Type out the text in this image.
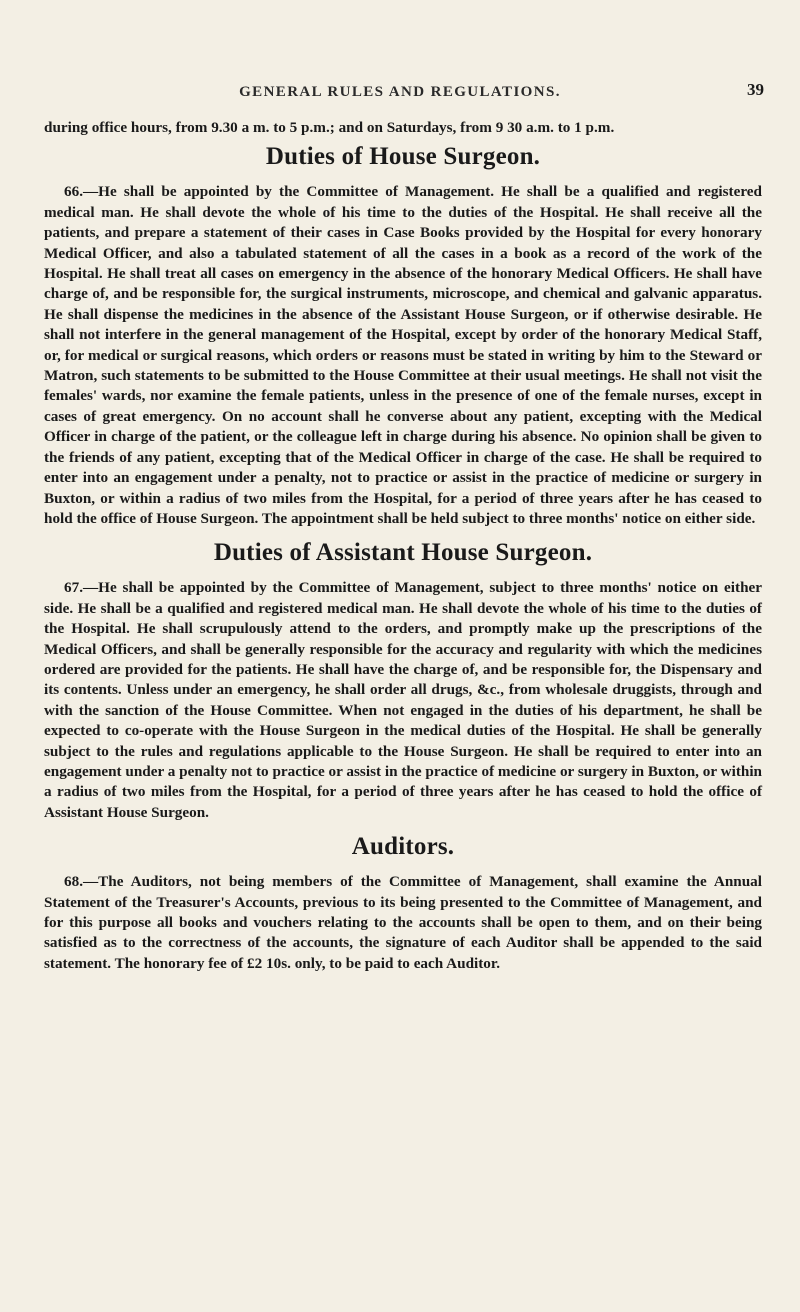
GENERAL RULES AND REGULATIONS.	39

during office hours, from 9.30 a m. to 5 p.m.; and on Saturdays, from 9 30 a.m. to 1 p.m.

Duties of House Surgeon.

66.—He shall be appointed by the Committee of Management. He shall be a qualified and registered medical man. He shall devote the whole of his time to the duties of the Hospital. He shall receive all the patients, and prepare a statement of their cases in Case Books provided by the Hospital for every honorary Medical Officer, and also a tabulated statement of all the cases in a book as a record of the work of the Hospital. He shall treat all cases on emergency in the absence of the honorary Medical Officers. He shall have charge of, and be responsible for, the surgical instruments, microscope, and chemical and galvanic apparatus. He shall dispense the medicines in the absence of the Assistant House Surgeon, or if otherwise desirable. He shall not interfere in the general management of the Hospital, except by order of the honorary Medical Staff, or, for medical or surgical reasons, which orders or reasons must be stated in writing by him to the Steward or Matron, such statements to be submitted to the House Committee at their usual meetings. He shall not visit the females' wards, nor examine the female patients, unless in the presence of one of the female nurses, except in cases of great emergency. On no account shall he converse about any patient, excepting with the Medical Officer in charge of the patient, or the colleague left in charge during his absence. No opinion shall be given to the friends of any patient, excepting that of the Medical Officer in charge of the case. He shall be required to enter into an engagement under a penalty, not to practice or assist in the practice of medicine or surgery in Buxton, or within a radius of two miles from the Hospital, for a period of three years after he has ceased to hold the office of House Surgeon. The appointment shall be held subject to three months' notice on either side.

Duties of Assistant House Surgeon.

67.—He shall be appointed by the Committee of Management, subject to three months' notice on either side. He shall be a qualified and registered medical man. He shall devote the whole of his time to the duties of the Hospital. He shall scrupulously attend to the orders, and promptly make up the prescriptions of the Medical Officers, and shall be generally responsible for the accuracy and regularity with which the medicines ordered are provided for the patients. He shall have the charge of, and be responsible for, the Dispensary and its contents. Unless under an emergency, he shall order all drugs, &c., from wholesale druggists, through and with the sanction of the House Committee. When not engaged in the duties of his department, he shall be expected to co-operate with the House Surgeon in the medical duties of the Hospital. He shall be generally subject to the rules and regulations applicable to the House Surgeon. He shall be required to enter into an engagement under a penalty not to practice or assist in the practice of medicine or surgery in Buxton, or within a radius of two miles from the Hospital, for a period of three years after he has ceased to hold the office of Assistant House Surgeon.

Auditors.

68.—The Auditors, not being members of the Committee of Management, shall examine the Annual Statement of the Treasurer's Accounts, previous to its being presented to the Committee of Management, and for this purpose all books and vouchers relating to the accounts shall be open to them, and on their being satisfied as to the correctness of the accounts, the signature of each Auditor shall be appended to the said statement. The honorary fee of £2 10s. only, to be paid to each Auditor.
